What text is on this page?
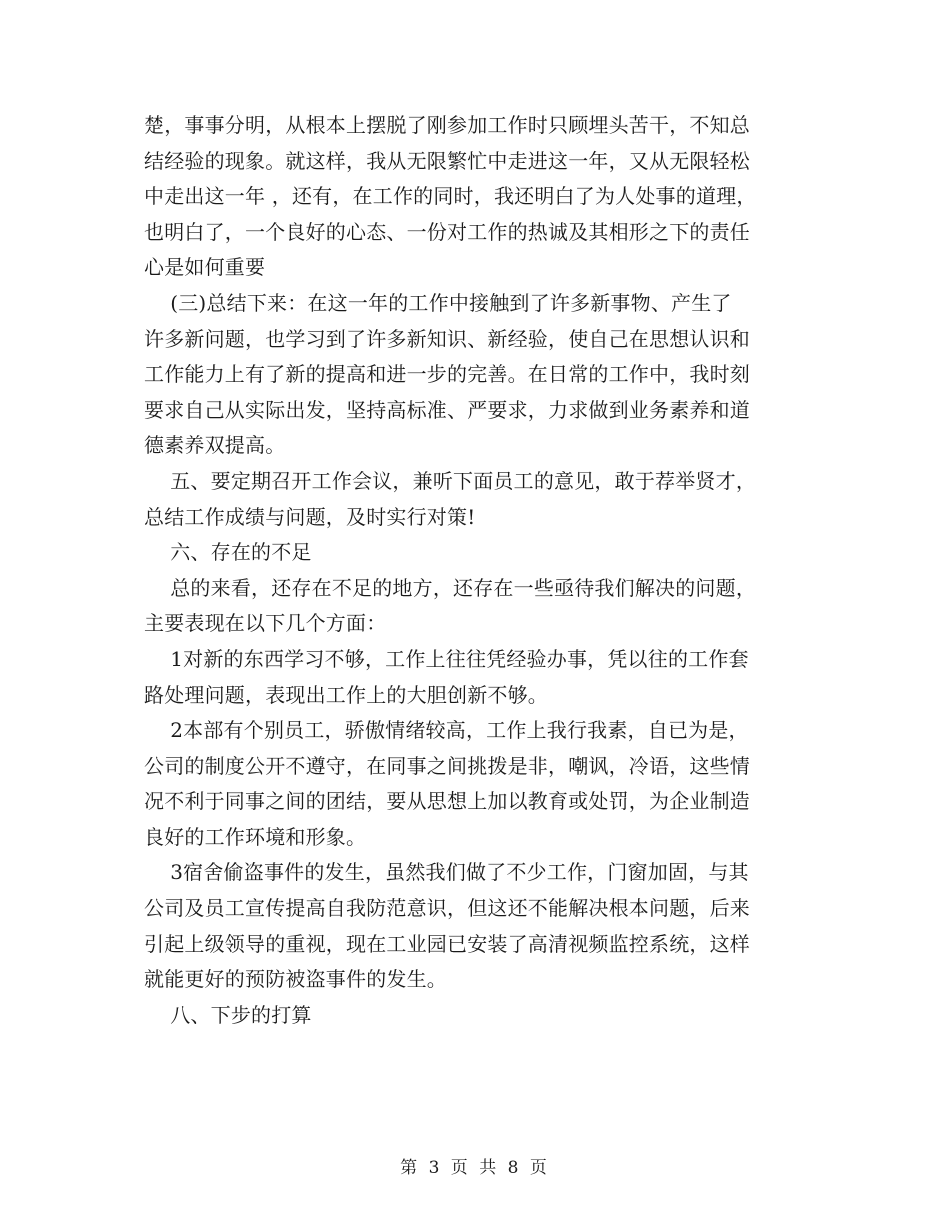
楚，事事分明，从根本上摆脱了刚参加工作时只顾埋头苦干，不知总
结经验的现象。就这样，我从无限繁忙中走进这一年，又从无限轻松
中走出这一年 ，还有，在工作的同时，我还明白了为人处事的道理，
也明白了，一个良好的心态、一份对工作的热诚及其相形之下的责任
心是如何重要

(三)总结下来：在这一年的工作中接触到了许多新事物、产生了
许多新问题，也学习到了许多新知识、新经验，使自己在思想认识和
工作能力上有了新的提高和进一步的完善。在日常的工作中，我时刻
要求自己从实际出发，坚持高标准、严要求，力求做到业务素养和道
德素养双提高。

五、要定期召开工作会议，兼听下面员工的意见，敢于荐举贤才，
总结工作成绩与问题，及时实行对策!

六、存在的不足

总的来看，还存在不足的地方，还存在一些亟待我们解决的问题，
主要表现在以下几个方面：

1对新的东西学习不够，工作上往往凭经验办事，凭以往的工作套
路处理问题，表现出工作上的大胆创新不够。

2本部有个别员工，骄傲情绪较高，工作上我行我素，自已为是，
公司的制度公开不遵守，在同事之间挑拨是非，嘲讽，冷语，这些情
况不利于同事之间的团结，要从思想上加以教育或处罚，为企业制造
良好的工作环境和形象。

3宿舍偷盗事件的发生，虽然我们做了不少工作，门窗加固，与其
公司及员工宣传提高自我防范意识，但这还不能解决根本问题，后来
引起上级领导的重视，现在工业园已安装了高清视频监控系统，这样
就能更好的预防被盗事件的发生。

八、下步的打算

第 3 页 共 8 页
